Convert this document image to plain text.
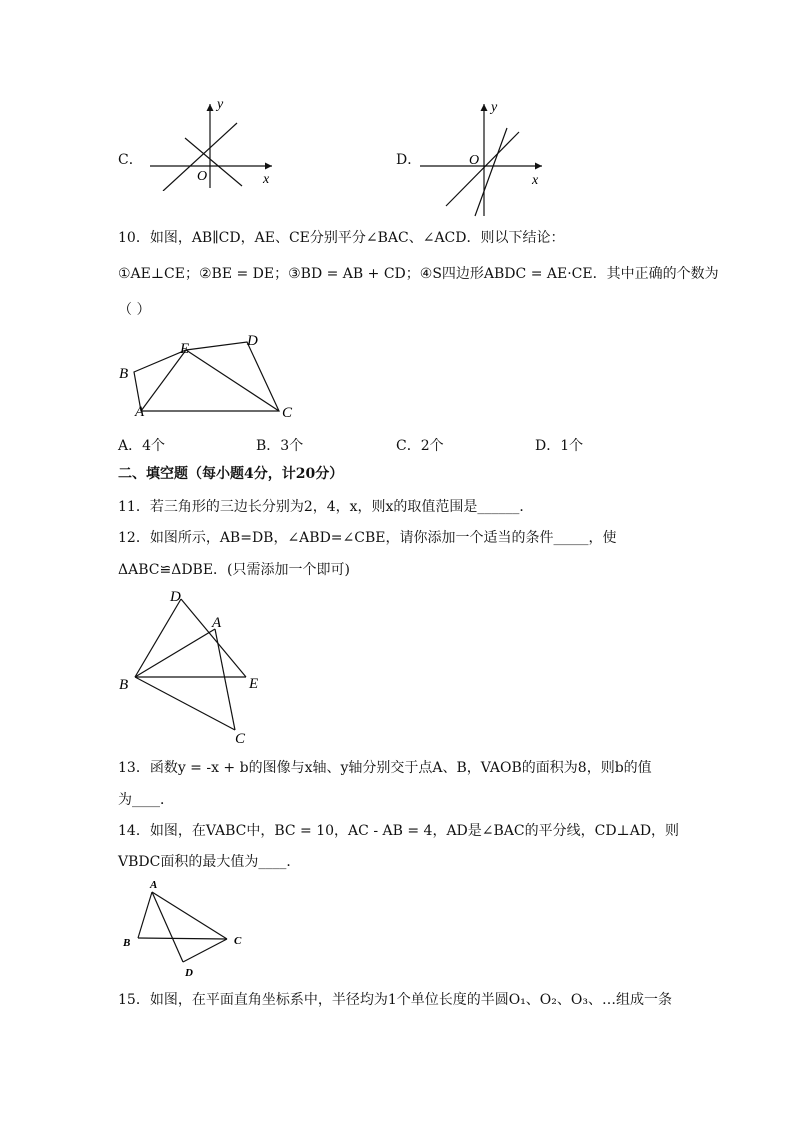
C．
y
x
O
D．
y
x
O
10．如图，AB∥CD，AE、CE分别平分∠BAC、∠ACD．则以下结论：
①AE⊥CE；②BE = DE；③BD = AB + CD；④S四边形ABDC = AE·CE．其中正确的个数为
（ ）
B
E	D
A	C
A．4个	B．3个	C．2个	D．1个
二、填空题（每小题4分，计20分）
11．若三角形的三边长分别为2，4，x，则x的取值范围是______．
12．如图所示，AB=DB，∠ABD=∠CBE，请你添加一个适当的条件_____，使
ΔABC≌ΔDBE．(只需添加一个即可)
D
A
B	E
C
13．函数y = -x + b的图像与x轴、y轴分别交于点A、B，VAOB的面积为8，则b的值
为____．
14．如图，在VABC中，BC = 10，AC - AB = 4，AD是∠BAC的平分线，CD⊥AD，则
VBDC面积的最大值为____．
A
B	C
D
15．如图，在平面直角坐标系中，半径均为1个单位长度的半圆O₁、O₂、O₃、…组成一条
